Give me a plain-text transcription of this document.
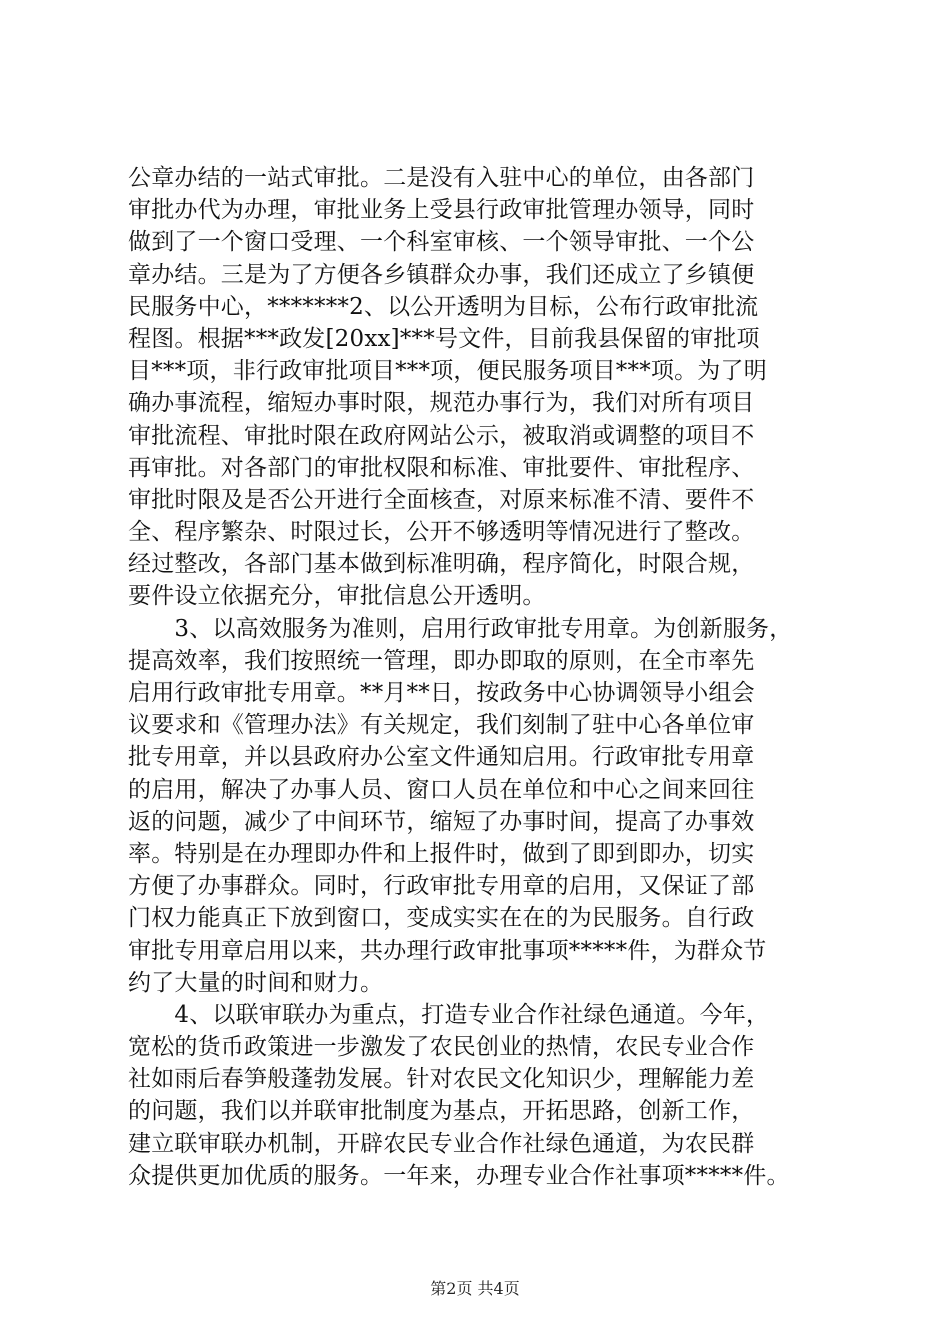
公章办结的一站式审批。二是没有入驻中心的单位，由各部门
审批办代为办理，审批业务上受县行政审批管理办领导，同时
做到了一个窗口受理、一个科室审核、一个领导审批、一个公
章办结。三是为了方便各乡镇群众办事，我们还成立了乡镇便
民服务中心，*******2、以公开透明为目标，公布行政审批流
程图。根据***政发[20xx]***号文件，目前我县保留的审批项
目***项，非行政审批项目***项，便民服务项目***项。为了明
确办事流程，缩短办事时限，规范办事行为，我们对所有项目
审批流程、审批时限在政府网站公示，被取消或调整的项目不
再审批。对各部门的审批权限和标准、审批要件、审批程序、
审批时限及是否公开进行全面核查，对原来标准不清、要件不
全、程序繁杂、时限过长，公开不够透明等情况进行了整改。
经过整改，各部门基本做到标准明确，程序简化，时限合规，
要件设立依据充分，审批信息公开透明。
　　3、以高效服务为准则，启用行政审批专用章。为创新服务，
提高效率，我们按照统一管理，即办即取的原则，在全市率先
启用行政审批专用章。**月**日，按政务中心协调领导小组会
议要求和《管理办法》有关规定，我们刻制了驻中心各单位审
批专用章，并以县政府办公室文件通知启用。行政审批专用章
的启用，解决了办事人员、窗口人员在单位和中心之间来回往
返的问题，减少了中间环节，缩短了办事时间，提高了办事效
率。特别是在办理即办件和上报件时，做到了即到即办，切实
方便了办事群众。同时，行政审批专用章的启用，又保证了部
门权力能真正下放到窗口，变成实实在在的为民服务。自行政
审批专用章启用以来，共办理行政审批事项*****件，为群众节
约了大量的时间和财力。
　　4、以联审联办为重点，打造专业合作社绿色通道。今年，
宽松的货币政策进一步激发了农民创业的热情，农民专业合作
社如雨后春笋般蓬勃发展。针对农民文化知识少，理解能力差
的问题，我们以并联审批制度为基点，开拓思路，创新工作，
建立联审联办机制，开辟农民专业合作社绿色通道，为农民群
众提供更加优质的服务。一年来，办理专业合作社事项*****件。
第2页 共4页
